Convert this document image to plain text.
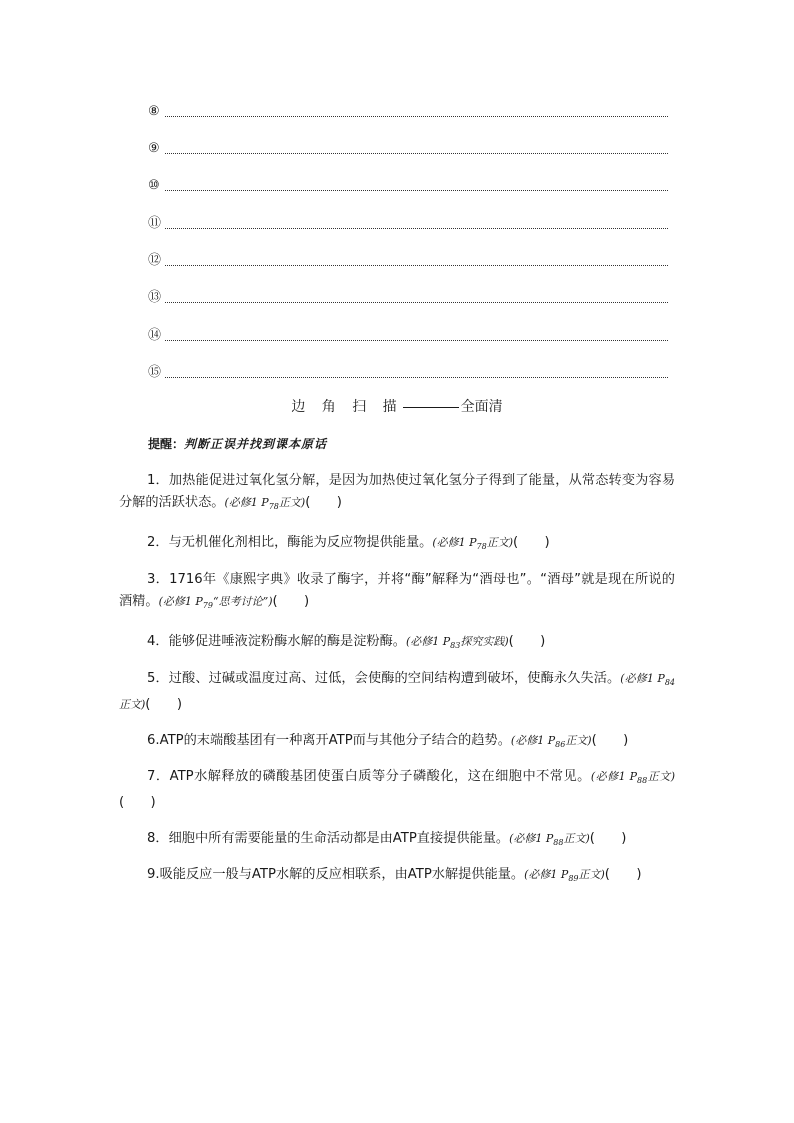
⑧
⑨
⑩
⑪
⑫
⑬
⑭
⑮
边 角 扫 描	全面清
提醒：判断正误并找到课本原话
1．加热能促进过氧化氢分解，是因为加热使过氧化氢分子得到了能量，从常态转变为容易分解的活跃状态。(必修1 $P_{78}$正文)(　　)
2．与无机催化剂相比，酶能为反应物提供能量。(必修1 $P_{78}$正文)(　　)
3．1716年《康熙字典》收录了酶字，并将“酶”解释为“酒母也”。“酒母”就是现在所说的酒精。(必修1 $P_{79}“$思考讨论”)(　　)
4．能够促进唾液淀粉酶水解的酶是淀粉酶。(必修1 $P_{83}$探究实践)(　　)
5．过酸、过碱或温度过高、过低，会使酶的空间结构遭到破坏，使酶永久失活。(必修1 $P_{84}$正文)(　　)
6.ATP的末端酸基团有一种离开ATP而与其他分子结合的趋势。(必修1 $P_{86}$正文)(　　)
7．ATP水解释放的磷酸基团使蛋白质等分子磷酸化，这在细胞中不常见。(必修1 $P_{88}$正文)(　　)
8．细胞中所有需要能量的生命活动都是由ATP直接提供能量。(必修1 $P_{88}$正文)(　　)
9.吸能反应一般与ATP水解的反应相联系，由ATP水解提供能量。(必修1 $P_{89}$正文)(　　)
